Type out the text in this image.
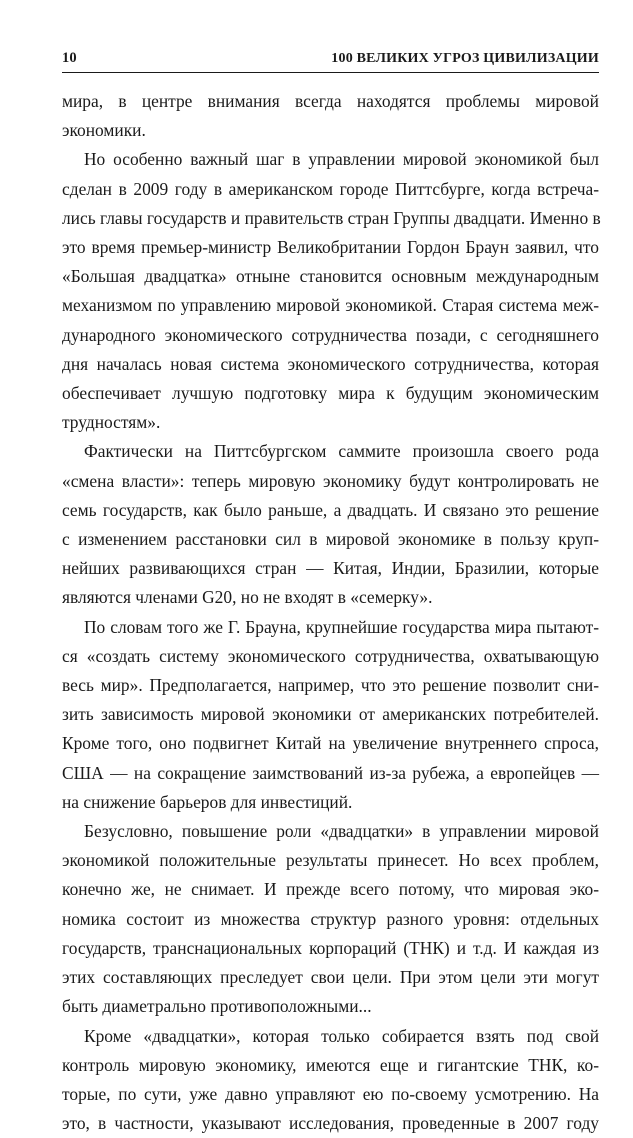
10	100 ВЕЛИКИХ УГРОЗ ЦИВИЛИЗАЦИИ
мира, в центре внимания всегда находятся проблемы мировой
экономики.
Но особенно важный шаг в управлении мировой экономикой был
сделан в 2009 году в американском городе Питтсбурге, когда встреча-
лись главы государств и правительств стран Группы двадцати. Именно в
это время премьер-министр Великобритании Гордон Браун заявил, что
«Большая двадцатка» отныне становится основным международным
механизмом по управлению мировой экономикой. Старая система меж-
дународного экономического сотрудничества позади, с сегодняшнего
дня началась новая система экономического сотрудничества, которая
обеспечивает лучшую подготовку мира к будущим экономическим
трудностям».
Фактически на Питтсбургском саммите произошла своего рода
«смена власти»: теперь мировую экономику будут контролировать не
семь государств, как было раньше, а двадцать. И связано это решение
с изменением расстановки сил в мировой экономике в пользу круп-
нейших развивающихся стран — Китая, Индии, Бразилии, которые
являются членами G20, но не входят в «семерку».
По словам того же Г. Брауна, крупнейшие государства мира пытают-
ся «создать систему экономического сотрудничества, охватывающую
весь мир». Предполагается, например, что это решение позволит сни-
зить зависимость мировой экономики от американских потребителей.
Кроме того, оно подвигнет Китай на увеличение внутреннего спроса,
США — на сокращение заимствований из-за рубежа, а европейцев —
на снижение барьеров для инвестиций.
Безусловно, повышение роли «двадцатки» в управлении мировой
экономикой положительные результаты принесет. Но всех проблем,
конечно же, не снимает. И прежде всего потому, что мировая эко-
номика состоит из множества структур разного уровня: отдельных
государств, транснациональных корпораций (ТНК) и т.д. И каждая из
этих составляющих преследует свои цели. При этом цели эти могут
быть диаметрально противоположными...
Кроме «двадцатки», которая только собирается взять под свой
контроль мировую экономику, имеются еще и гигантские ТНК, ко-
торые, по сути, уже давно управляют ею по-своему усмотрению. На
это, в частности, указывают исследования, проведенные в 2007 году
